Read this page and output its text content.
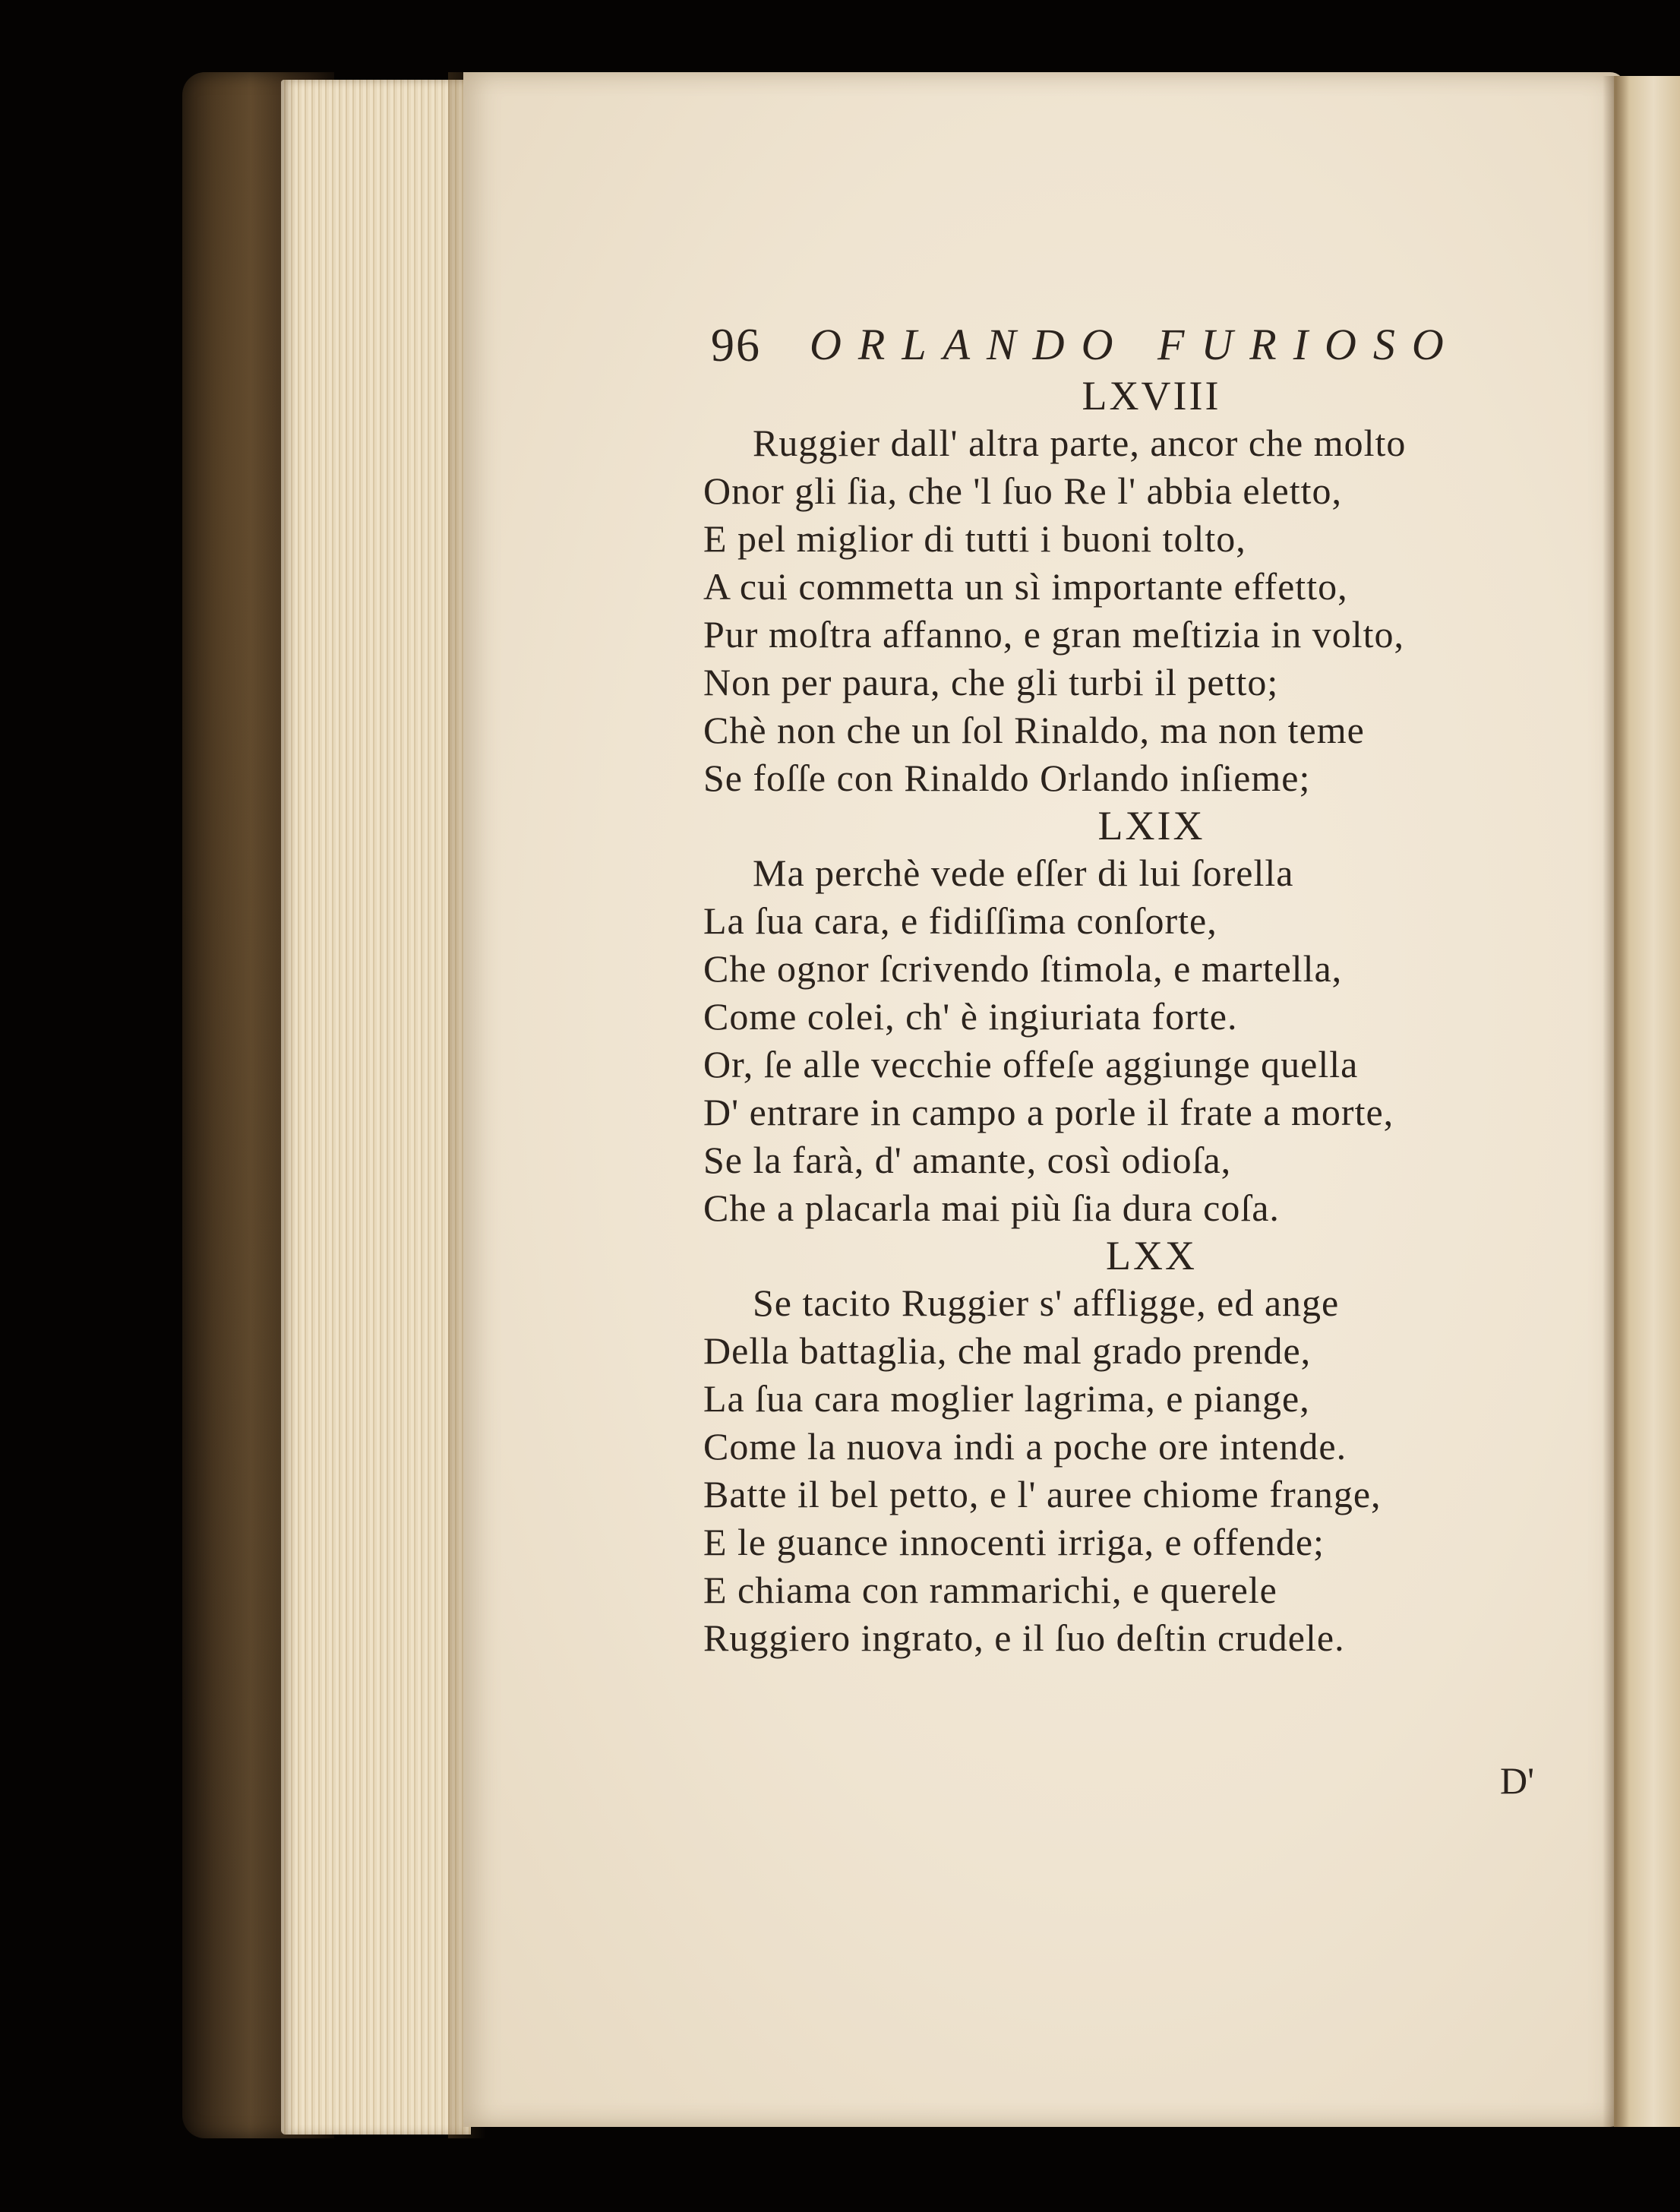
96 ORLANDO FURIOSO
LXVIII
Ruggier dall' altra parte, ancor che molto
Onor gli ſia, che 'l ſuo Re l' abbia eletto,
E pel miglior di tutti i buoni tolto,
A cui commetta un sì importante effetto,
Pur moſtra affanno, e gran meſtizia in volto,
Non per paura, che gli turbi il petto;
Chè non che un ſol Rinaldo, ma non teme
Se foſſe con Rinaldo Orlando inſieme;
LXIX
Ma perchè vede eſſer di lui ſorella
La ſua cara, e fidiſſima conſorte,
Che ognor ſcrivendo ſtimola, e martella,
Come colei, ch' è ingiuriata forte.
Or, ſe alle vecchie offeſe aggiunge quella
D' entrare in campo a porle il frate a morte,
Se la farà, d' amante, così odioſa,
Che a placarla mai più ſia dura coſa.
LXX
Se tacito Ruggier s' affligge, ed ange
Della battaglia, che mal grado prende,
La ſua cara moglier lagrima, e piange,
Come la nuova indi a poche ore intende.
Batte il bel petto, e l' auree chiome frange,
E le guance innocenti irriga, e offende;
E chiama con rammarichi, e querele
Ruggiero ingrato, e il ſuo deſtin crudele.
D'
